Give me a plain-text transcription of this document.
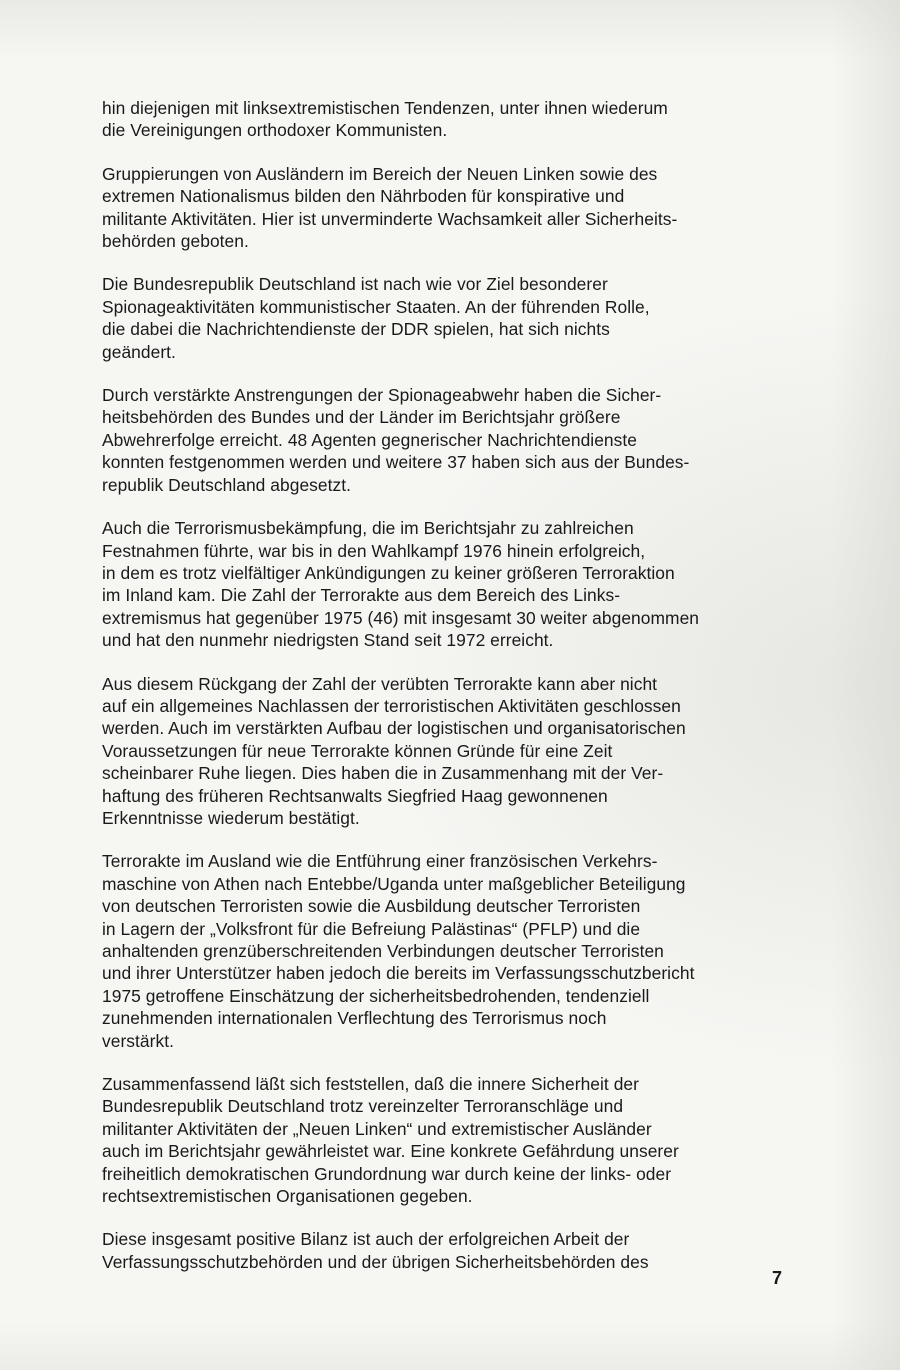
hin diejenigen mit linksextremistischen Tendenzen, unter ihnen wiederum
die Vereinigungen orthodoxer Kommunisten.

Gruppierungen von Ausländern im Bereich der Neuen Linken sowie des
extremen Nationalismus bilden den Nährboden für konspirative und
militante Aktivitäten. Hier ist unverminderte Wachsamkeit aller Sicherheits-
behörden geboten.

Die Bundesrepublik Deutschland ist nach wie vor Ziel besonderer
Spionageaktivitäten kommunistischer Staaten. An der führenden Rolle,
die dabei die Nachrichtendienste der DDR spielen, hat sich nichts
geändert.

Durch verstärkte Anstrengungen der Spionageabwehr haben die Sicher-
heitsbehörden des Bundes und der Länder im Berichtsjahr größere
Abwehrerfolge erreicht. 48 Agenten gegnerischer Nachrichtendienste
konnten festgenommen werden und weitere 37 haben sich aus der Bundes-
republik Deutschland abgesetzt.

Auch die Terrorismusbekämpfung, die im Berichtsjahr zu zahlreichen
Festnahmen führte, war bis in den Wahlkampf 1976 hinein erfolgreich,
in dem es trotz vielfältiger Ankündigungen zu keiner größeren Terroraktion
im Inland kam. Die Zahl der Terrorakte aus dem Bereich des Links-
extremismus hat gegenüber 1975 (46) mit insgesamt 30 weiter abgenommen
und hat den nunmehr niedrigsten Stand seit 1972 erreicht.

Aus diesem Rückgang der Zahl der verübten Terrorakte kann aber nicht
auf ein allgemeines Nachlassen der terroristischen Aktivitäten geschlossen
werden. Auch im verstärkten Aufbau der logistischen und organisatorischen
Voraussetzungen für neue Terrorakte können Gründe für eine Zeit
scheinbarer Ruhe liegen. Dies haben die in Zusammenhang mit der Ver-
haftung des früheren Rechtsanwalts Siegfried Haag gewonnenen
Erkenntnisse wiederum bestätigt.

Terrorakte im Ausland wie die Entführung einer französischen Verkehrs-
maschine von Athen nach Entebbe/Uganda unter maßgeblicher Beteiligung
von deutschen Terroristen sowie die Ausbildung deutscher Terroristen
in Lagern der „Volksfront für die Befreiung Palästinas“ (PFLP) und die
anhaltenden grenzüberschreitenden Verbindungen deutscher Terroristen
und ihrer Unterstützer haben jedoch die bereits im Verfassungsschutzbericht
1975 getroffene Einschätzung der sicherheitsbedrohenden, tendenziell
zunehmenden internationalen Verflechtung des Terrorismus noch
verstärkt.

Zusammenfassend läßt sich feststellen, daß die innere Sicherheit der
Bundesrepublik Deutschland trotz vereinzelter Terroranschläge und
militanter Aktivitäten der „Neuen Linken“ und extremistischer Ausländer
auch im Berichtsjahr gewährleistet war. Eine konkrete Gefährdung unserer
freiheitlich demokratischen Grundordnung war durch keine der links- oder
rechtsextremistischen Organisationen gegeben.

Diese insgesamt positive Bilanz ist auch der erfolgreichen Arbeit der
Verfassungsschutzbehörden und der übrigen Sicherheitsbehörden des

7
